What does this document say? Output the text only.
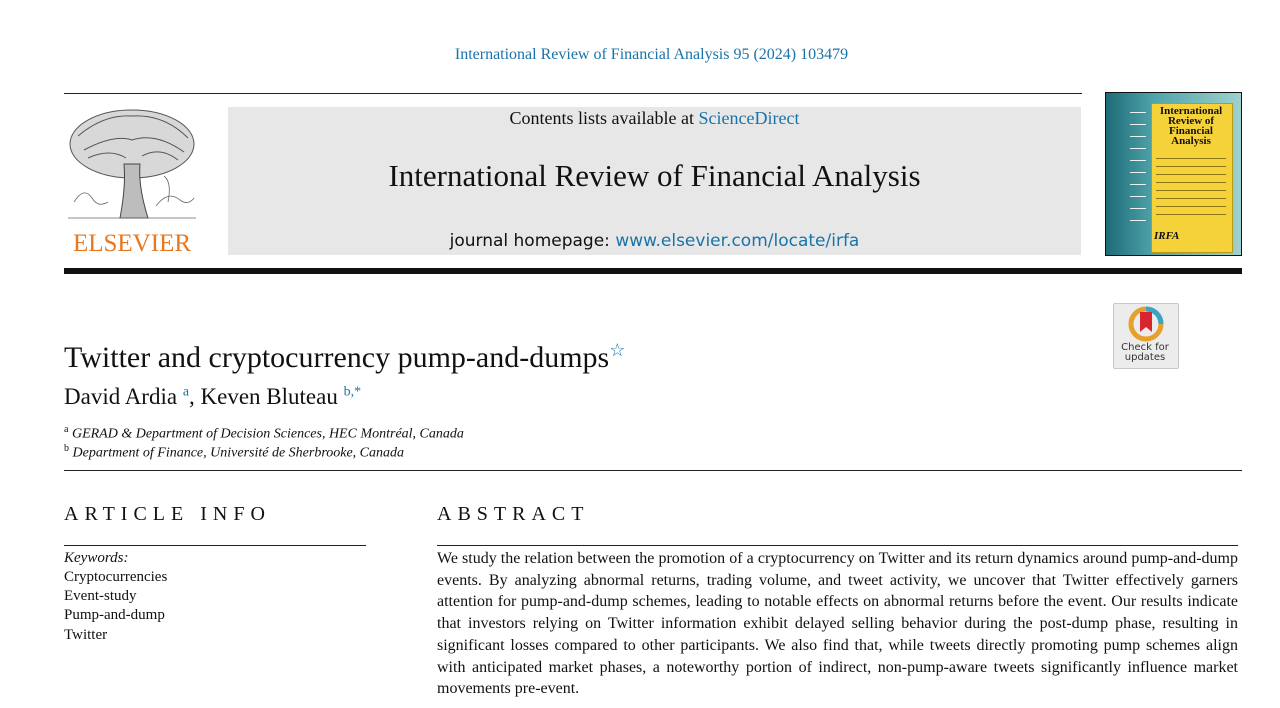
International Review of Financial Analysis 95 (2024) 103479
ELSEVIER
Contents lists available at ScienceDirect
International Review of Financial Analysis
journal homepage: www.elsevier.com/locate/irfa
International Review of Financial Analysis
IRFA
Check for updates
Twitter and cryptocurrency pump-and-dumps☆
David Ardia $^a$, Keven Bluteau $^{b,*}$
$^a$ GERAD & Department of Decision Sciences, HEC Montréal, Canada
$^b$ Department of Finance, Université de Sherbrooke, Canada
ARTICLE INFO
Keywords:
Cryptocurrencies
Event-study
Pump-and-dump
Twitter
ABSTRACT
We study the relation between the promotion of a cryptocurrency on Twitter and its return dynamics around pump-and-dump events. By analyzing abnormal returns, trading volume, and tweet activity, we uncover that Twitter effectively garners attention for pump-and-dump schemes, leading to notable effects on abnormal returns before the event. Our results indicate that investors relying on Twitter information exhibit delayed selling behavior during the post-dump phase, resulting in significant losses compared to other participants. We also find that, while tweets directly promoting pump schemes align with anticipated market phases, a noteworthy portion of indirect, non-pump-aware tweets significantly influence market movements pre-event.
